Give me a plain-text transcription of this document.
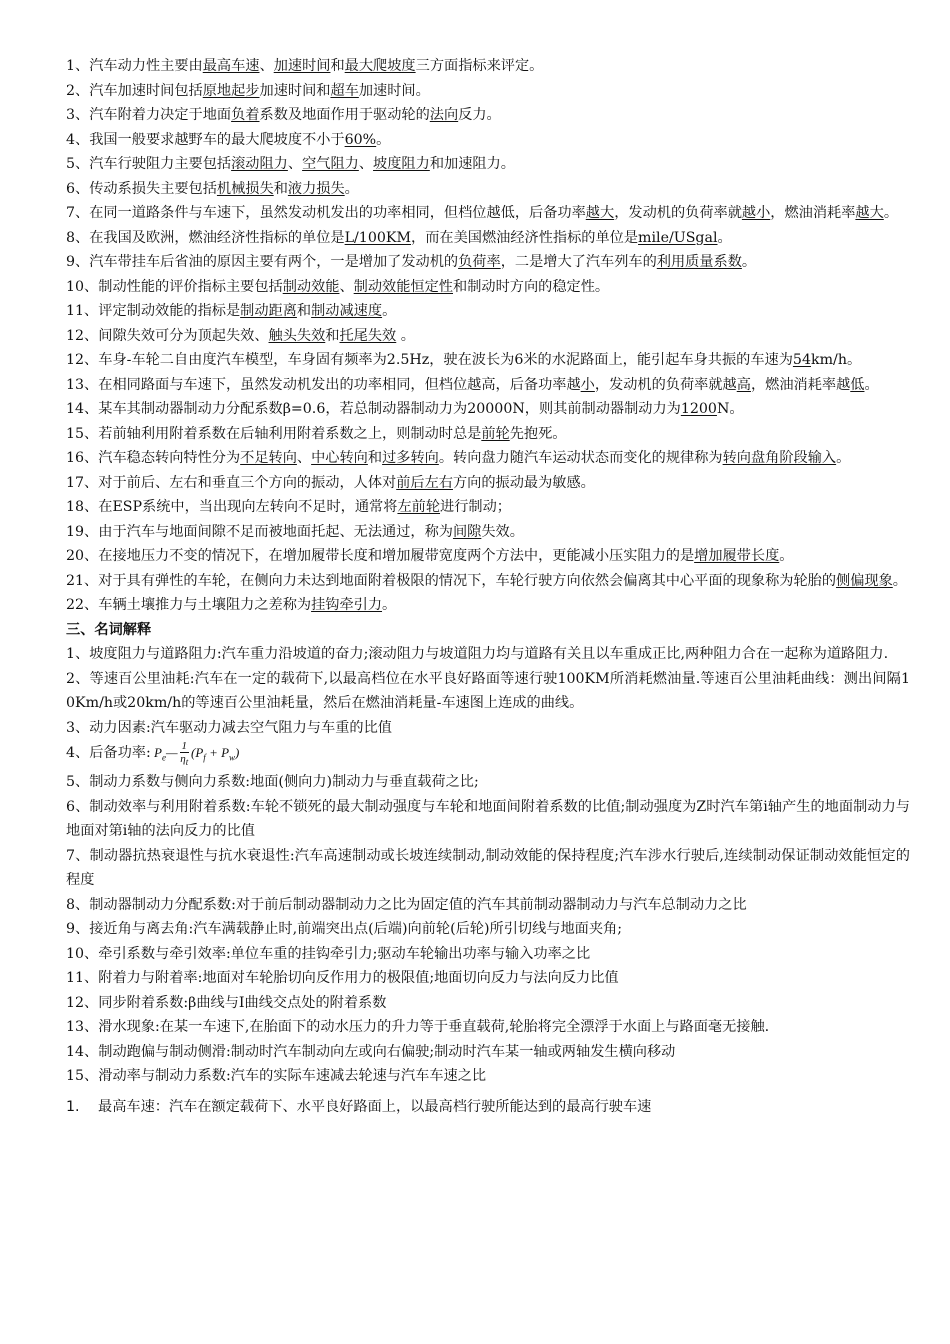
1、汽车动力性主要由最高车速、加速时间和最大爬坡度三方面指标来评定。
2、汽车加速时间包括原地起步加速时间和超车加速时间。
3、汽车附着力决定于地面负着系数及地面作用于驱动轮的法向反力。
4、我国一般要求越野车的最大爬坡度不小于60%。
5、汽车行驶阻力主要包括滚动阻力、空气阻力、坡度阻力和加速阻力。
6、传动系损失主要包括机械损失和液力损失。
7、在同一道路条件与车速下，虽然发动机发出的功率相同，但档位越低，后备功率越大，发动机的负荷率就越小，燃油消耗率越大。
8、在我国及欧洲，燃油经济性指标的单位是L/100KM，而在美国燃油经济性指标的单位是mile/USgal。
9、汽车带挂车后省油的原因主要有两个，一是增加了发动机的负荷率，二是增大了汽车列车的利用质量系数。
10、制动性能的评价指标主要包括制动效能、制动效能恒定性和制动时方向的稳定性。
11、评定制动效能的指标是制动距离和制动减速度。
12、间隙失效可分为顶起失效、触头失效和托尾失效 。
12、车身-车轮二自由度汽车模型，车身固有频率为2.5Hz，驶在波长为6米的水泥路面上，能引起车身共振的车速为54km/h。
13、在相同路面与车速下，虽然发动机发出的功率相同，但档位越高，后备功率越小，发动机的负荷率就越高，燃油消耗率越低。
14、某车其制动器制动力分配系数β=0.6，若总制动器制动力为20000N，则其前制动器制动力为1200N。
15、若前轴利用附着系数在后轴利用附着系数之上，则制动时总是前轮先抱死。
16、汽车稳态转向特性分为不足转向、中心转向和过多转向。转向盘力随汽车运动状态而变化的规律称为转向盘角阶段输入。
17、对于前后、左右和垂直三个方向的振动，人体对前后左右方向的振动最为敏感。
18、在ESP系统中，当出现向左转向不足时，通常将左前轮进行制动；
19、由于汽车与地面间隙不足而被地面托起、无法通过，称为间隙失效。
20、在接地压力不变的情况下，在增加履带长度和增加履带宽度两个方法中，更能减小压实阻力的是增加履带长度。
21、对于具有弹性的车轮，在侧向力未达到地面附着极限的情况下，车轮行驶方向依然会偏离其中心平面的现象称为轮胎的侧偏现象。
22、车辆土壤推力与土壤阻力之差称为挂钩牵引力。
三、名词解释
1、坡度阻力与道路阻力:汽车重力沿坡道的奋力;滚动阻力与坡道阻力均与道路有关且以车重成正比,两种阻力合在一起称为道路阻力.
2、等速百公里油耗:汽车在一定的载荷下,以最高档位在水平良好路面等速行驶100KM所消耗燃油量.等速百公里油耗曲线：测出间隔10Km/h或20km/h的等速百公里油耗量，然后在燃油消耗量-车速图上连成的曲线。
3、动力因素:汽车驱动力减去空气阻力与车重的比值
4、后备功率: $P_e— \frac{1}{\eta_t} (P_f + P_w)$
5、制动力系数与侧向力系数:地面(侧向力)制动力与垂直载荷之比;
6、制动效率与利用附着系数:车轮不锁死的最大制动强度与车轮和地面间附着系数的比值;制动强度为Z时汽车第i轴产生的地面制动力与地面对第i轴的法向反力的比值
7、制动器抗热衰退性与抗水衰退性:汽车高速制动或长坡连续制动,制动效能的保持程度;汽车涉水行驶后,连续制动保证制动效能恒定的程度
8、制动器制动力分配系数:对于前后制动器制动力之比为固定值的汽车其前制动器制动力与汽车总制动力之比
9、接近角与离去角:汽车满载静止时,前端突出点(后端)向前轮(后轮)所引切线与地面夹角;
10、牵引系数与牵引效率:单位车重的挂钩牵引力;驱动车轮输出功率与输入功率之比
11、附着力与附着率:地面对车轮胎切向反作用力的极限值;地面切向反力与法向反力比值
12、同步附着系数:β曲线与I曲线交点处的附着系数
13、滑水现象:在某一车速下,在胎面下的动水压力的升力等于垂直载荷,轮胎将完全漂浮于水面上与路面毫无接触.
14、制动跑偏与制动侧滑:制动时汽车制动向左或向右偏驶;制动时汽车某一轴或两轴发生横向移动
15、滑动率与制动力系数:汽车的实际车速减去轮速与汽车车速之比
1. 最高车速：汽车在额定载荷下、水平良好路面上，以最高档行驶所能达到的最高行驶车速
